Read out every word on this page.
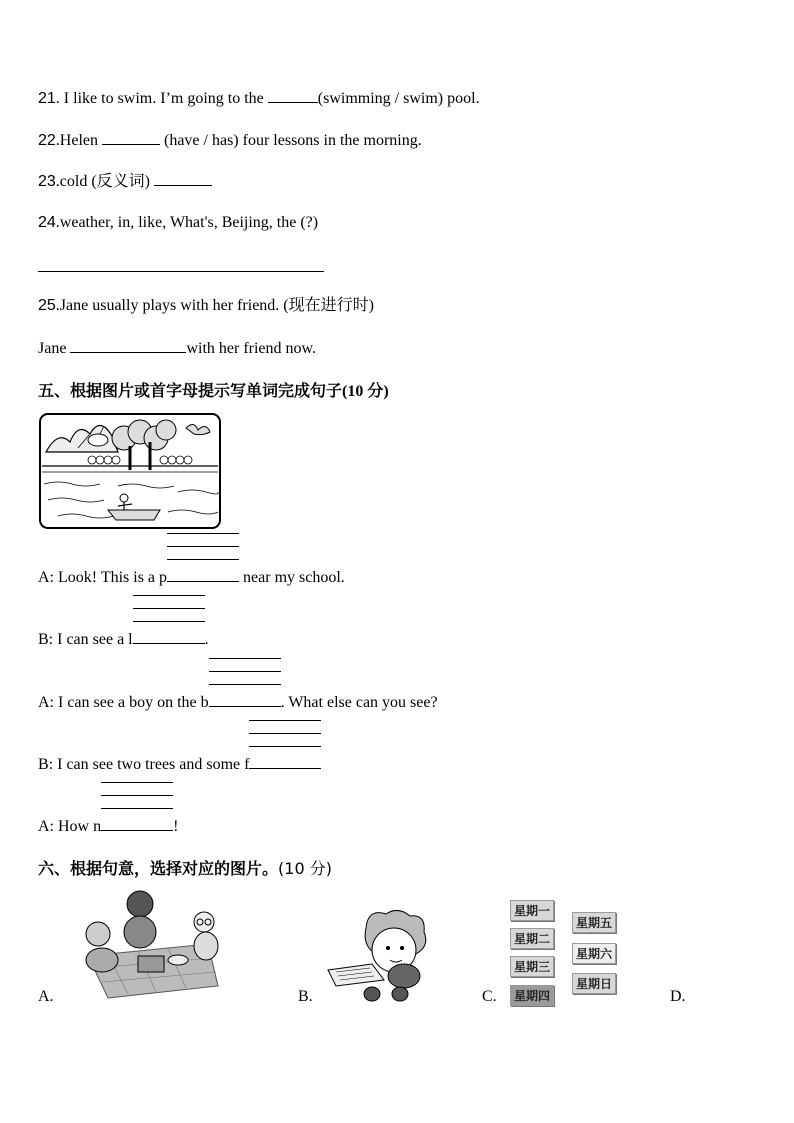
21. I like to swim. I’m going to the	(swimming / swim) pool.
22.Helen	(have / has) four lessons in the morning.
23.cold (反义词)
24.weather, in, like, What's, Beijing, the (?)
25.Jane usually plays with her friend. (现在进行时)
Jane	with her friend now.
五、根据图片或首字母提示写单词完成句子(10 分)
A: Look! This is a p	near my school.
B: I can see a l	.
A: I can see a boy on the b	. What else can you see?
B: I can see two trees and some f
A: How n	!
六、根据句意，选择对应的图片。(10 分)
星期一
星期二
星期三
星期四
星期五
星期六
星期日
A.	B.	C.	D.
